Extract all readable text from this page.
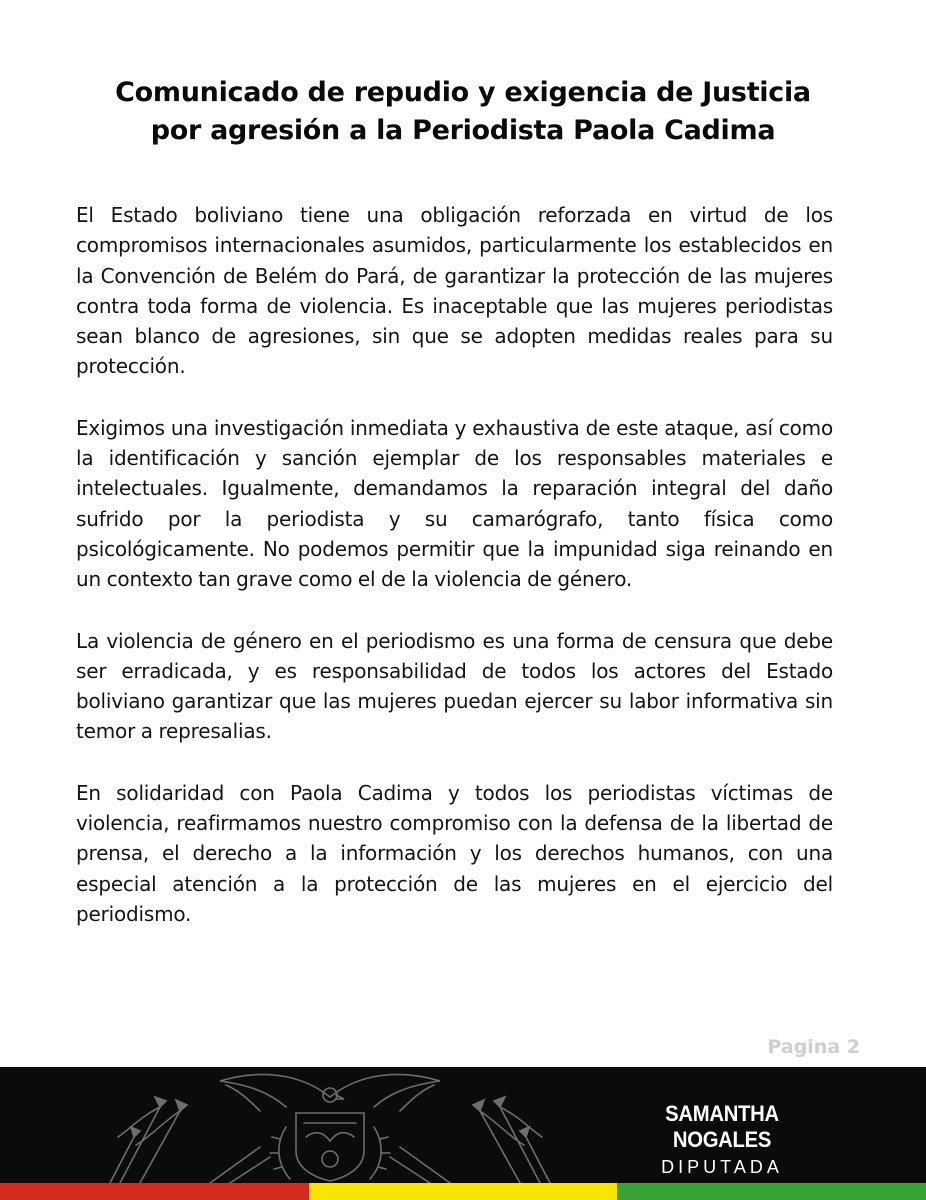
Comunicado de repudio y exigencia de Justicia
por agresión a la Periodista Paola Cadima

El Estado boliviano tiene una obligación reforzada en virtud de los compromisos internacionales asumidos, particularmente los establecidos en la Convención de Belém do Pará, de garantizar la protección de las mujeres contra toda forma de violencia. Es inaceptable que las mujeres periodistas sean blanco de agresiones, sin que se adopten medidas reales para su protección.

Exigimos una investigación inmediata y exhaustiva de este ataque, así como la identificación y sanción ejemplar de los responsables materiales e intelectuales. Igualmente, demandamos la reparación integral del daño sufrido por la periodista y su camarógrafo, tanto física como psicológicamente. No podemos permitir que la impunidad siga reinando en un contexto tan grave como el de la violencia de género.

La violencia de género en el periodismo es una forma de censura que debe ser erradicada, y es responsabilidad de todos los actores del Estado boliviano garantizar que las mujeres puedan ejercer su labor informativa sin temor a represalias.

En solidaridad con Paola Cadima y todos los periodistas víctimas de violencia, reafirmamos nuestro compromiso con la defensa de la libertad de prensa, el derecho a la información y los derechos humanos, con una especial atención a la protección de las mujeres en el ejercicio del periodismo.

Pagina 2
SAMANTHA NOGALES
DIPUTADA
